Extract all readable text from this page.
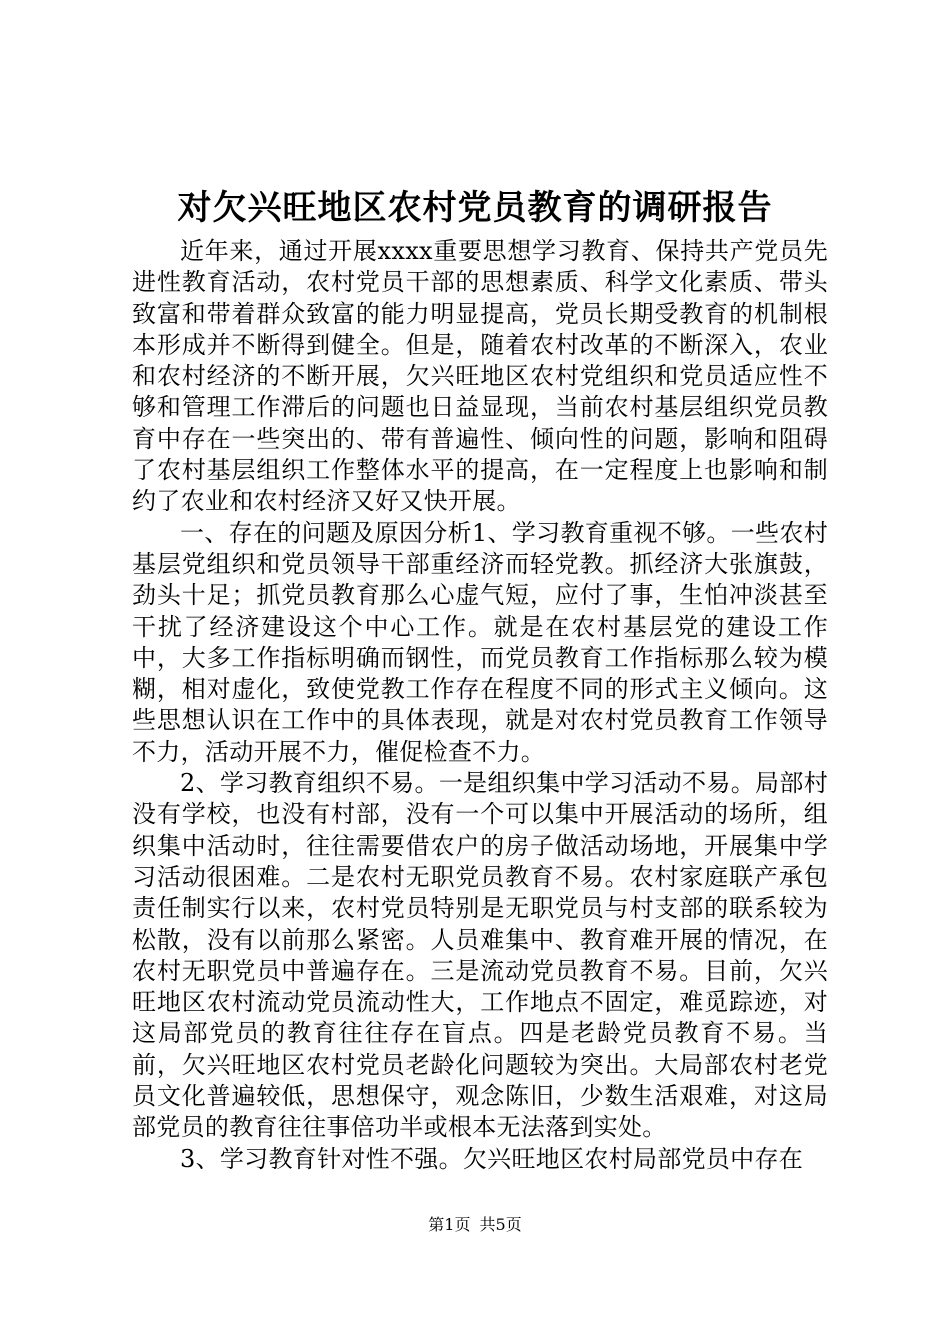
对欠兴旺地区农村党员教育的调研报告

近年来，通过开展xxxx重要思想学习教育、保持共产党员先进性教育活动，农村党员干部的思想素质、科学文化素质、带头致富和带着群众致富的能力明显提高，党员长期受教育的机制根本形成并不断得到健全。但是，随着农村改革的不断深入，农业和农村经济的不断开展，欠兴旺地区农村党组织和党员适应性不够和管理工作滞后的问题也日益显现，当前农村基层组织党员教育中存在一些突出的、带有普遍性、倾向性的问题，影响和阻碍了农村基层组织工作整体水平的提高，在一定程度上也影响和制约了农业和农村经济又好又快开展。

一、存在的问题及原因分析1、学习教育重视不够。一些农村基层党组织和党员领导干部重经济而轻党教。抓经济大张旗鼓，劲头十足；抓党员教育那么心虚气短，应付了事，生怕冲淡甚至干扰了经济建设这个中心工作。就是在农村基层党的建设工作中，大多工作指标明确而钢性，而党员教育工作指标那么较为模糊，相对虚化，致使党教工作存在程度不同的形式主义倾向。这些思想认识在工作中的具体表现，就是对农村党员教育工作领导不力，活动开展不力，催促检查不力。

2、学习教育组织不易。一是组织集中学习活动不易。局部村没有学校，也没有村部，没有一个可以集中开展活动的场所，组织集中活动时，往往需要借农户的房子做活动场地，开展集中学习活动很困难。二是农村无职党员教育不易。农村家庭联产承包责任制实行以来，农村党员特别是无职党员与村支部的联系较为松散，没有以前那么紧密。人员难集中、教育难开展的情况，在农村无职党员中普遍存在。三是流动党员教育不易。目前，欠兴旺地区农村流动党员流动性大，工作地点不固定，难觅踪迹，对这局部党员的教育往往存在盲点。四是老龄党员教育不易。当前，欠兴旺地区农村党员老龄化问题较为突出。大局部农村老党员文化普遍较低，思想保守，观念陈旧，少数生活艰难，对这局部党员的教育往往事倍功半或根本无法落到实处。

3、学习教育针对性不强。欠兴旺地区农村局部党员中存在

第1页 共5页
